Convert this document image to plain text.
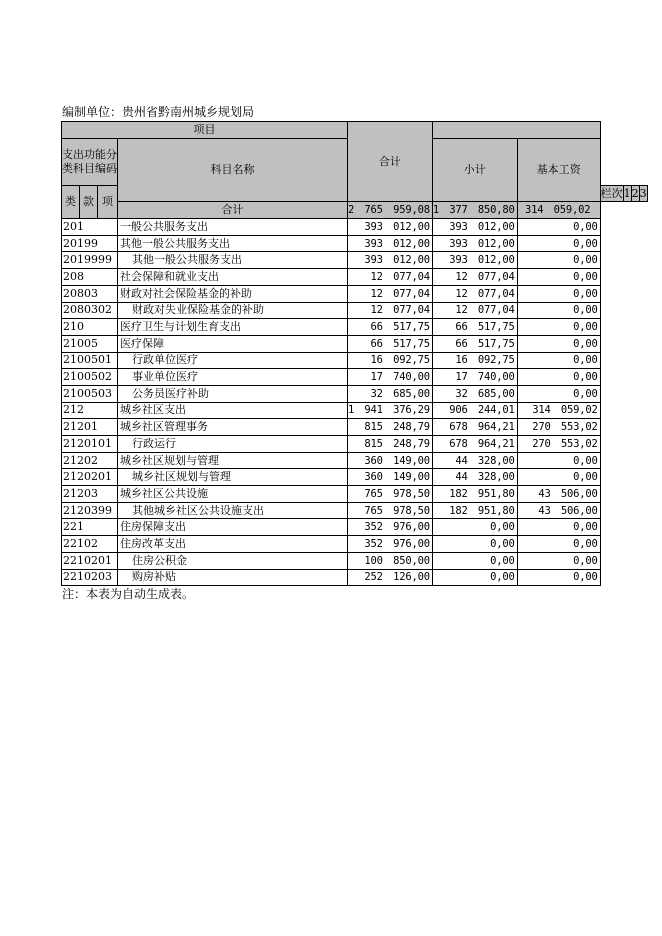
编制单位：贵州省黔南州城乡规划局
项目				合计						
支出功能分类科目编码			科目名称		小计	基本工资				
类	款	项					栏次	1	2	3
			合计	2　765　959,08	1　377　850,80	314　059,02				
201			一般公共服务支出	393　012,00	393　012,00	0,00				
20199			其他一般公共服务支出	393　012,00	393　012,00	0,00				
2019999			其他一般公共服务支出	393　012,00	393　012,00	0,00				
208			社会保障和就业支出	12　077,04	12　077,04	0,00				
20803			财政对社会保险基金的补助	12　077,04	12　077,04	0,00				
2080302			财政对失业保险基金的补助	12　077,04	12　077,04	0,00				
210			医疗卫生与计划生育支出	66　517,75	66　517,75	0,00				
21005			医疗保障	66　517,75	66　517,75	0,00				
2100501			行政单位医疗	16　092,75	16　092,75	0,00				
2100502			事业单位医疗	17　740,00	17　740,00	0,00				
2100503			公务员医疗补助	32　685,00	32　685,00	0,00				
212			城乡社区支出	1　941　376,29	906　244,01	314　059,02				
21201			城乡社区管理事务	815　248,79	678　964,21	270　553,02				
2120101			行政运行	815　248,79	678　964,21	270　553,02				
21202			城乡社区规划与管理	360　149,00	44　328,00	0,00				
2120201			城乡社区规划与管理	360　149,00	44　328,00	0,00				
21203			城乡社区公共设施	765　978,50	182　951,80	43　506,00				
2120399			其他城乡社区公共设施支出	765　978,50	182　951,80	43　506,00				
221			住房保障支出	352　976,00	0,00	0,00				
22102			住房改革支出	352　976,00	0,00	0,00				
2210201			住房公积金	100　850,00	0,00	0,00				
2210203			购房补贴	252　126,00	0,00	0,00				
注：本表为自动生成表。
